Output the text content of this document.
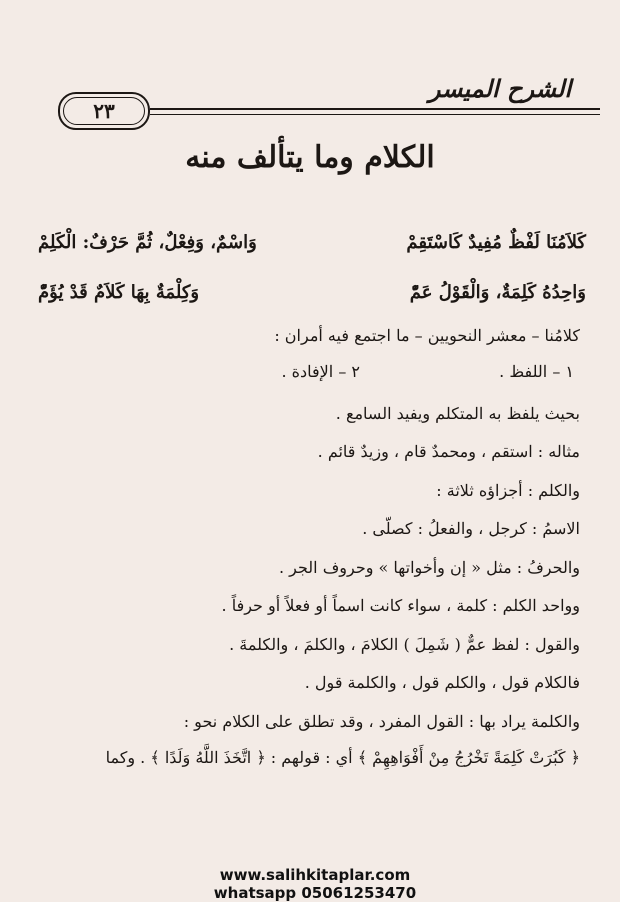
الشرح الميسر
٢٣
الكلام وما يتألف منه
كَلاَمُنَا لَفْظٌ مُفِيدٌ كَاسْتَقِمْ
وَاسْمٌ، وَفِعْلٌ، ثُمَّ حَرْفٌ: الْكَلِمْ
وَاحِدُهُ كَلِمَةٌ، وَالْقَوْلُ عَمّْ
وَكِلْمَةٌ بِهَا كَلاَمٌ قَدْ يُؤَمّْ
كلامُنا – معشر النحويين – ما اجتمع فيه أمران :
١ – اللفظ .
٢ – الإفادة .
بحيث يلفظ به المتكلم ويفيد السامع .
مثاله : استقم ، ومحمدٌ قام ، وزيدٌ قائم .
والكلم : أجزاؤه ثلاثة :
الاسمُ : كرجل ، والفعلُ : كصلّى .
والحرفُ : مثل « إن وأخواتها » وحروف الجر .
وواحد الكلم : كلمة ، سواء كانت اسماً أو فعلاً أو حرفاً .
والقول : لفظ عمٌّ ( شَمِلَ ) الكلامَ ، والكلمَ ، والكلمةَ .
فالكلام قول ، والكلم قول ، والكلمة قول .
والكلمة يراد بها : القول المفرد ، وقد تطلق على الكلام نحو :
﴿ كَبُرَتْ كَلِمَةً تَخْرُجُ مِنْ أَفْوَاهِهِمْ ﴾ أي : قولهم : ﴿ اتَّخَذَ اللَّهُ وَلَدًا ﴾ . وكما
www.salihkitaplar.com
whatsapp 05061253470
